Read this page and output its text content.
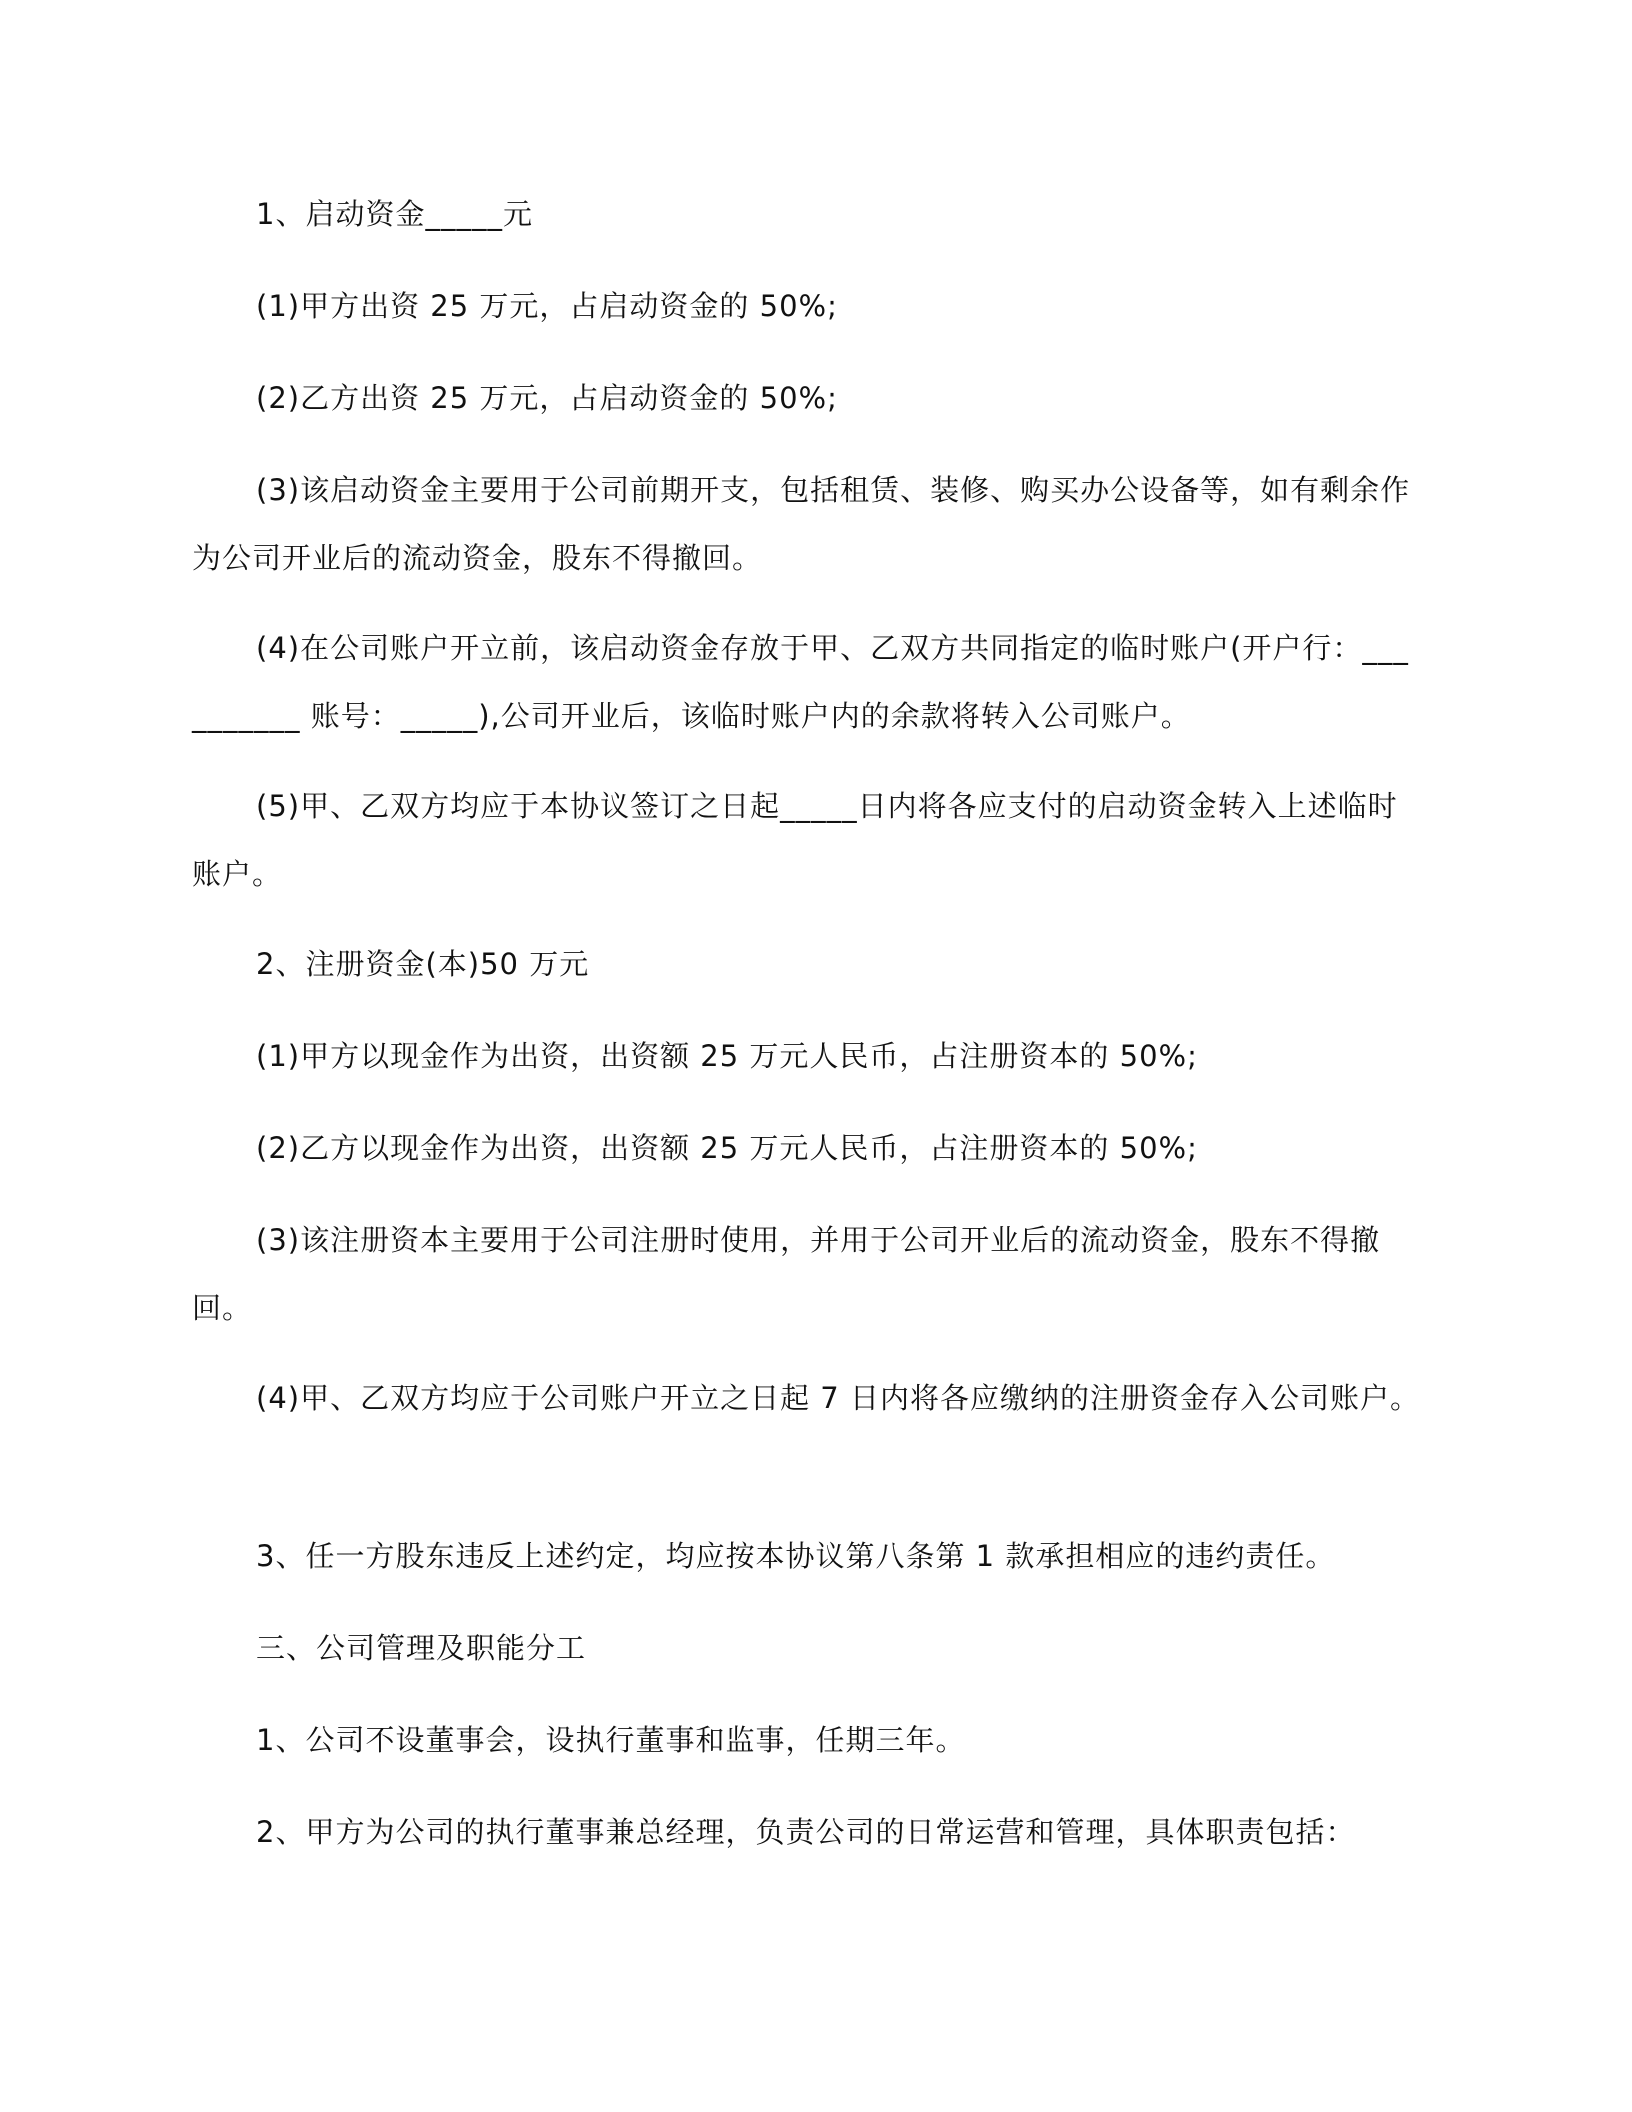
1、启动资金_____元

(1)甲方出资 25 万元，占启动资金的 50%;

(2)乙方出资 25 万元，占启动资金的 50%;

(3)该启动资金主要用于公司前期开支，包括租赁、装修、购买办公设备等，如有剩余作为公司开业后的流动资金，股东不得撤回。

(4)在公司账户开立前，该启动资金存放于甲、乙双方共同指定的临时账户(开户行：__________ 账号：_____),公司开业后，该临时账户内的余款将转入公司账户。

(5)甲、乙双方均应于本协议签订之日起_____日内将各应支付的启动资金转入上述临时账户。

2、注册资金(本)50 万元

(1)甲方以现金作为出资，出资额 25 万元人民币，占注册资本的 50%;

(2)乙方以现金作为出资，出资额 25 万元人民币，占注册资本的 50%;

(3)该注册资本主要用于公司注册时使用，并用于公司开业后的流动资金，股东不得撤回。

(4)甲、乙双方均应于公司账户开立之日起 7 日内将各应缴纳的注册资金存入公司账户。

3、任一方股东违反上述约定，均应按本协议第八条第 1 款承担相应的违约责任。

三、公司管理及职能分工

1、公司不设董事会，设执行董事和监事，任期三年。

2、甲方为公司的执行董事兼总经理，负责公司的日常运营和管理，具体职责包括：
